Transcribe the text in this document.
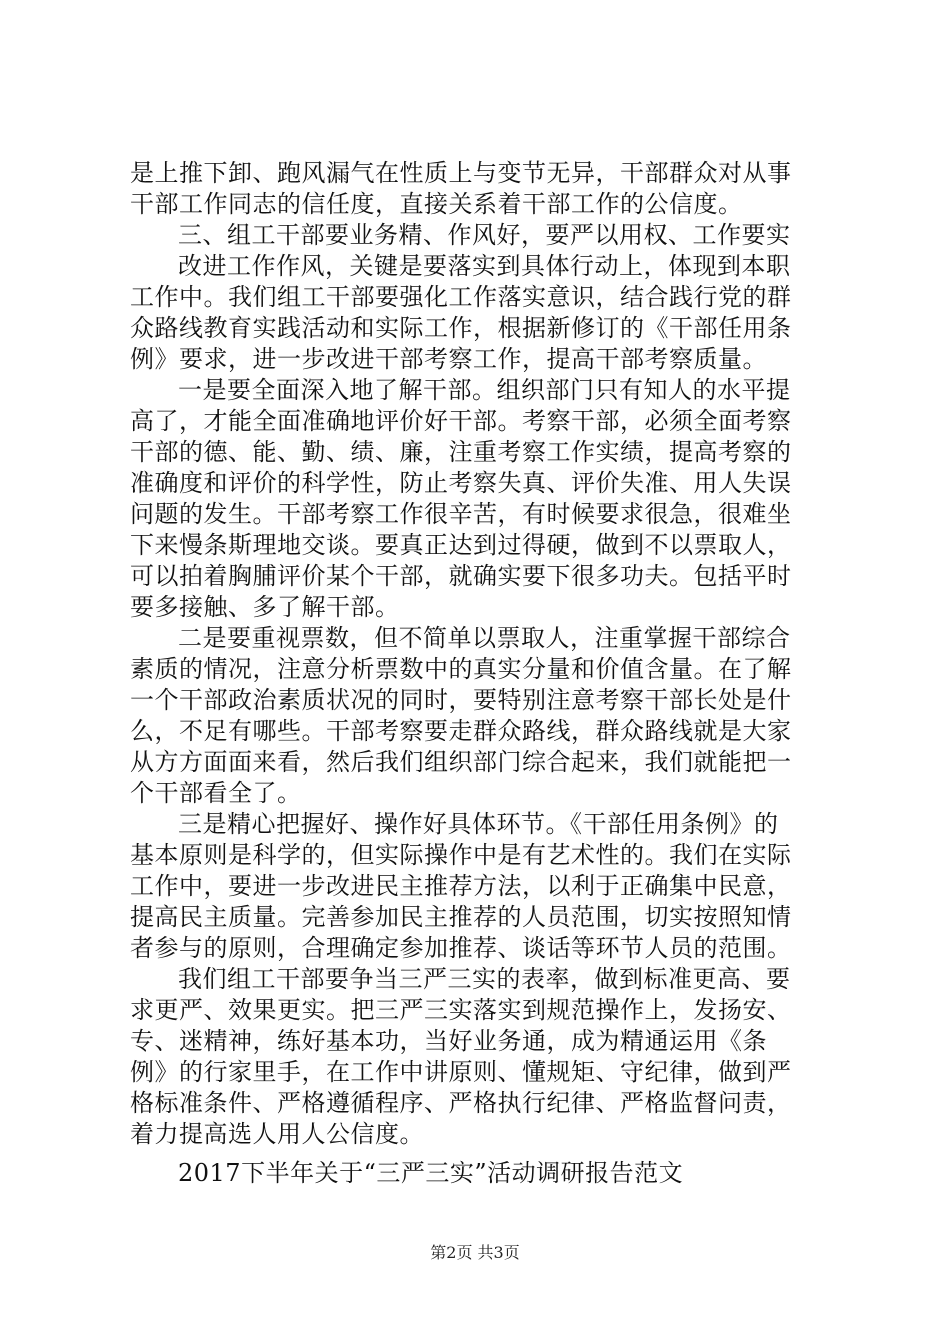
是上推下卸、跑风漏气在性质上与变节无异，干部群众对从事
干部工作同志的信任度，直接关系着干部工作的公信度。
三、组工干部要业务精、作风好，要严以用权、工作要实
改进工作作风，关键是要落实到具体行动上，体现到本职
工作中。我们组工干部要强化工作落实意识，结合践行党的群
众路线教育实践活动和实际工作，根据新修订的《干部任用条
例》要求，进一步改进干部考察工作，提高干部考察质量。
一是要全面深入地了解干部。组织部门只有知人的水平提
高了，才能全面准确地评价好干部。考察干部，必须全面考察
干部的德、能、勤、绩、廉，注重考察工作实绩，提高考察的
准确度和评价的科学性，防止考察失真、评价失准、用人失误
问题的发生。干部考察工作很辛苦，有时候要求很急，很难坐
下来慢条斯理地交谈。要真正达到过得硬，做到不以票取人，
可以拍着胸脯评价某个干部，就确实要下很多功夫。包括平时
要多接触、多了解干部。
二是要重视票数，但不简单以票取人，注重掌握干部综合
素质的情况，注意分析票数中的真实分量和价值含量。在了解
一个干部政治素质状况的同时，要特别注意考察干部长处是什
么，不足有哪些。干部考察要走群众路线，群众路线就是大家
从方方面面来看，然后我们组织部门综合起来，我们就能把一
个干部看全了。
三是精心把握好、操作好具体环节。《干部任用条例》的
基本原则是科学的，但实际操作中是有艺术性的。我们在实际
工作中，要进一步改进民主推荐方法，以利于正确集中民意，
提高民主质量。完善参加民主推荐的人员范围，切实按照知情
者参与的原则，合理确定参加推荐、谈话等环节人员的范围。
我们组工干部要争当三严三实的表率，做到标准更高、要
求更严、效果更实。把三严三实落实到规范操作上，发扬安、
专、迷精神，练好基本功，当好业务通，成为精通运用《条
例》的行家里手，在工作中讲原则、懂规矩、守纪律，做到严
格标准条件、严格遵循程序、严格执行纪律、严格监督问责，
着力提高选人用人公信度。
2017下半年关于“三严三实”活动调研报告范文
第2页 共3页
